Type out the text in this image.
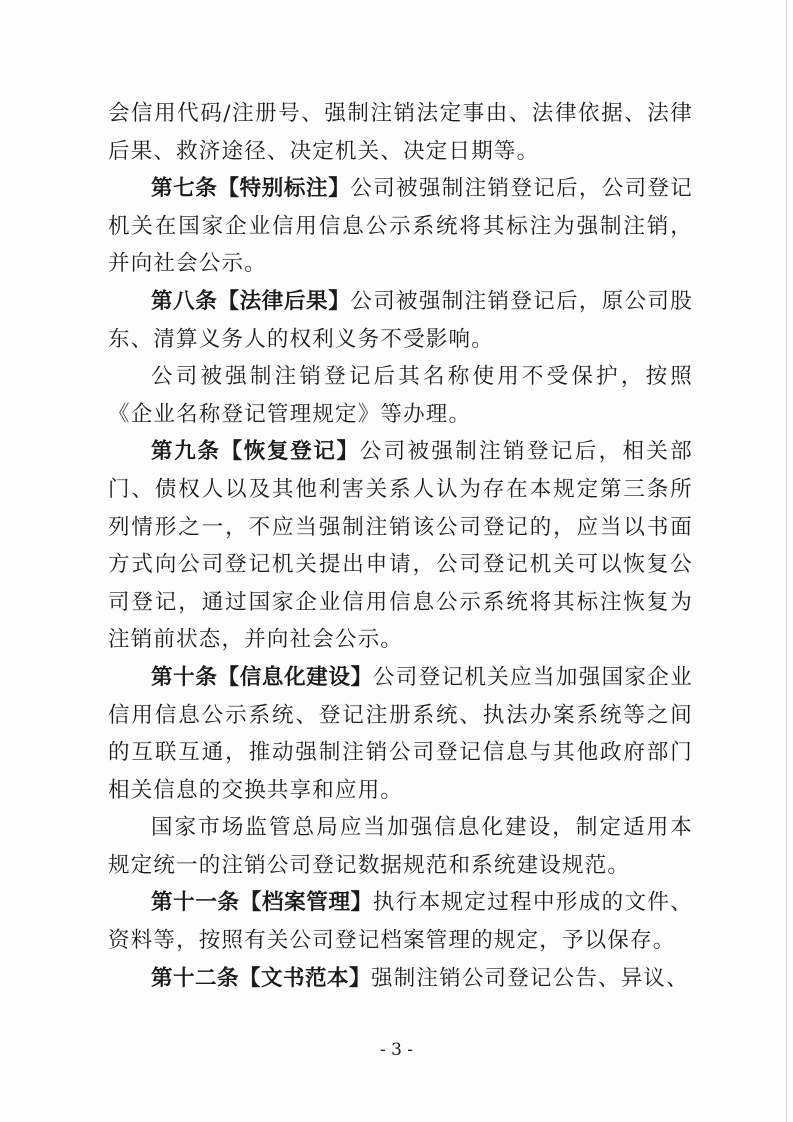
会信用代码/注册号、强制注销法定事由、法律依据、法律后果、救济途径、决定机关、决定日期等。

第七条【特别标注】公司被强制注销登记后，公司登记机关在国家企业信用信息公示系统将其标注为强制注销，并向社会公示。

第八条【法律后果】公司被强制注销登记后，原公司股东、清算义务人的权利义务不受影响。

公司被强制注销登记后其名称使用不受保护，按照《企业名称登记管理规定》等办理。

第九条【恢复登记】公司被强制注销登记后，相关部门、债权人以及其他利害关系人认为存在本规定第三条所列情形之一，不应当强制注销该公司登记的，应当以书面方式向公司登记机关提出申请，公司登记机关可以恢复公司登记，通过国家企业信用信息公示系统将其标注恢复为注销前状态，并向社会公示。

第十条【信息化建设】公司登记机关应当加强国家企业信用信息公示系统、登记注册系统、执法办案系统等之间的互联互通，推动强制注销公司登记信息与其他政府部门相关信息的交换共享和应用。

国家市场监管总局应当加强信息化建设，制定适用本规定统一的注销公司登记数据规范和系统建设规范。

第十一条【档案管理】执行本规定过程中形成的文件、资料等，按照有关公司登记档案管理的规定，予以保存。

第十二条【文书范本】强制注销公司登记公告、异议、

- 3 -
